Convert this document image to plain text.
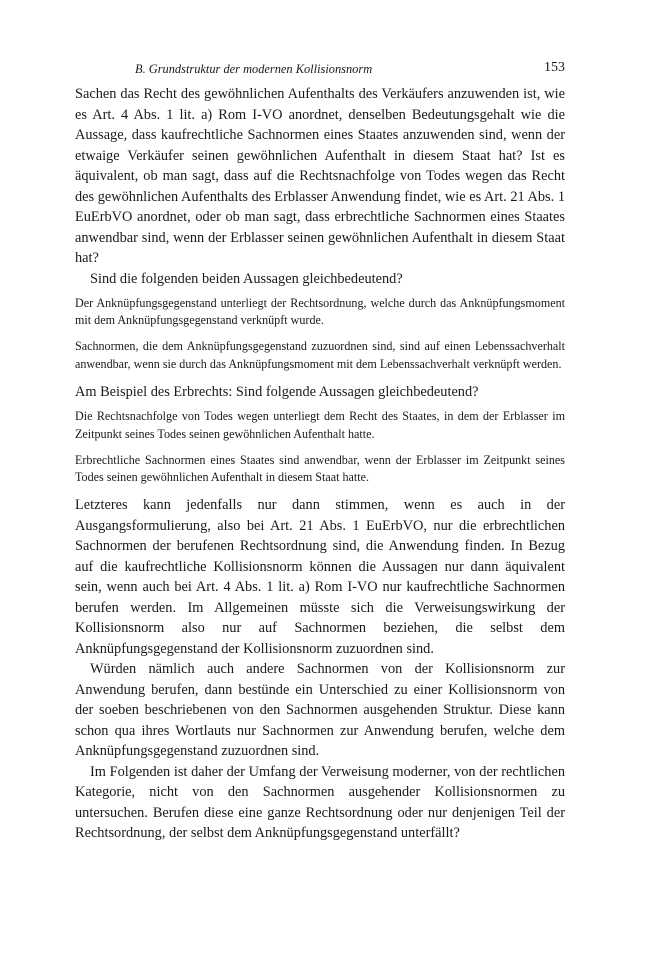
B. Grundstruktur der modernen Kollisionsnorm	153

Sachen das Recht des gewöhnlichen Aufenthalts des Verkäufers anzuwenden ist, wie es Art. 4 Abs. 1 lit. a) Rom I-VO anordnet, denselben Bedeutungsgehalt wie die Aussage, dass kaufrechtliche Sachnormen eines Staates anzuwenden sind, wenn der etwaige Verkäufer seinen gewöhnlichen Aufenthalt in diesem Staat hat? Ist es äquivalent, ob man sagt, dass auf die Rechtsnachfolge von Todes wegen das Recht des gewöhnlichen Aufenthalts des Erblasser Anwendung findet, wie es Art. 21 Abs. 1 EuErbVO anordnet, oder ob man sagt, dass erbrechtliche Sachnormen eines Staates anwendbar sind, wenn der Erblasser seinen gewöhnlichen Aufenthalt in diesem Staat hat?

Sind die folgenden beiden Aussagen gleichbedeutend?

Der Anknüpfungsgegenstand unterliegt der Rechtsordnung, welche durch das Anknüpfungsmoment mit dem Anknüpfungsgegenstand verknüpft wurde.

Sachnormen, die dem Anknüpfungsgegenstand zuzuordnen sind, sind auf einen Lebenssachverhalt anwendbar, wenn sie durch das Anknüpfungsmoment mit dem Lebenssachverhalt verknüpft werden.

Am Beispiel des Erbrechts: Sind folgende Aussagen gleichbedeutend?

Die Rechtsnachfolge von Todes wegen unterliegt dem Recht des Staates, in dem der Erblasser im Zeitpunkt seines Todes seinen gewöhnlichen Aufenthalt hatte.

Erbrechtliche Sachnormen eines Staates sind anwendbar, wenn der Erblasser im Zeitpunkt seines Todes seinen gewöhnlichen Aufenthalt in diesem Staat hatte.

Letzteres kann jedenfalls nur dann stimmen, wenn es auch in der Ausgangsformulierung, also bei Art. 21 Abs. 1 EuErbVO, nur die erbrechtlichen Sachnormen der berufenen Rechtsordnung sind, die Anwendung finden. In Bezug auf die kaufrechtliche Kollisionsnorm können die Aussagen nur dann äquivalent sein, wenn auch bei Art. 4 Abs. 1 lit. a) Rom I-VO nur kaufrechtliche Sachnormen berufen werden. Im Allgemeinen müsste sich die Verweisungswirkung der Kollisionsnorm also nur auf Sachnormen beziehen, die selbst dem Anknüpfungsgegenstand der Kollisionsnorm zuzuordnen sind.

Würden nämlich auch andere Sachnormen von der Kollisionsnorm zur Anwendung berufen, dann bestünde ein Unterschied zu einer Kollisionsnorm von der soeben beschriebenen von den Sachnormen ausgehenden Struktur. Diese kann schon qua ihres Wortlauts nur Sachnormen zur Anwendung berufen, welche dem Anknüpfungsgegenstand zuzuordnen sind.

Im Folgenden ist daher der Umfang der Verweisung moderner, von der rechtlichen Kategorie, nicht von den Sachnormen ausgehender Kollisionsnormen zu untersuchen. Berufen diese eine ganze Rechtsordnung oder nur denjenigen Teil der Rechtsordnung, der selbst dem Anknüpfungsgegenstand unterfällt?
